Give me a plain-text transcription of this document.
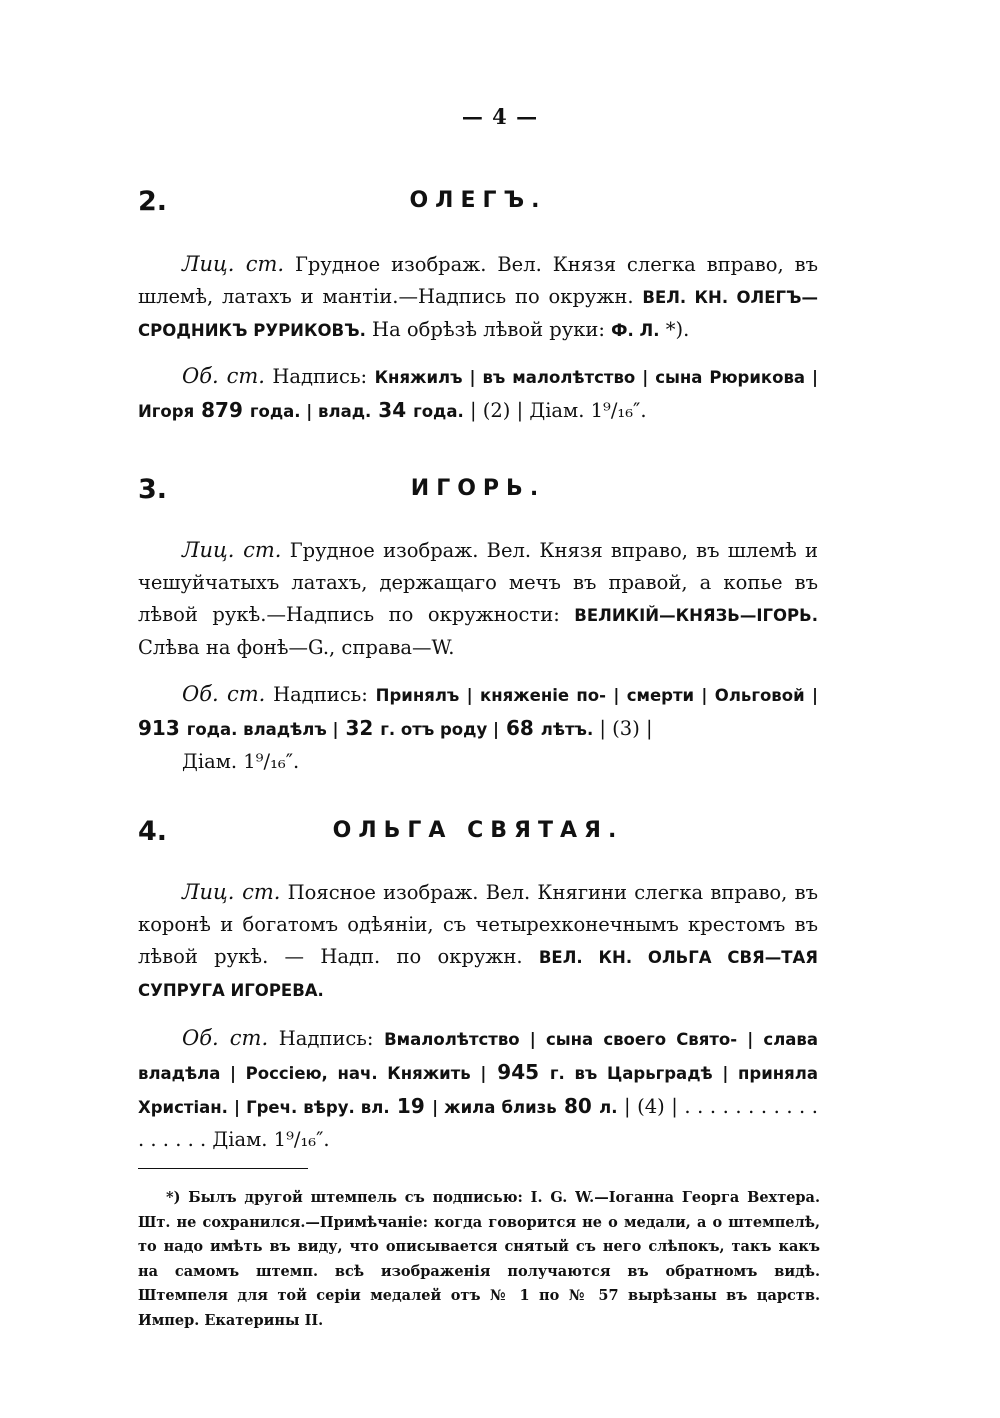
— 4 —
2.	ОЛЕГЪ.
Лиц. ст. Грудное изображ. Вел. Князя слегка вправо, въ шлемѣ, латахъ и мантіи.—Надпись по окружн. ВЕЛ. КН. ОЛЕГЪ—СРОДНИКЪ РУРИКОВЪ. На обрѣзѣ лѣвой руки: Ф. Л. *).
Об. ст. Надпись: Княжилъ | въ малолѣтство | сына Рюрикова | Игоря 879 года. | влад. 34 года. | (2) | Діам. 1⁹/₁₆″.
3.	ИГОРЬ.
Лиц. ст. Грудное изображ. Вел. Князя вправо, въ шлемѣ и чешуйчатыхъ латахъ, держащаго мечъ въ правой, а копье въ лѣвой рукѣ.—Надпись по окружности: ВЕЛИКІЙ—КНЯЗЬ—ІГОРЬ. Слѣва на фонѣ—G., справа—W.
Об. ст. Надпись: Принялъ | княженіе по- | смерти | Ольговой | 913 года. владѣлъ | 32 г. отъ роду | 68 лѣтъ. | (3) |
Діам. 1⁹/₁₆″.
4.	ОЛЬГА СВЯТАЯ.
Лиц. ст. Поясное изображ. Вел. Княгини слегка вправо, въ коронѣ и богатомъ одѣяніи, съ четырехконечнымъ крестомъ въ лѣвой рукѣ. — Надп. по окружн. ВЕЛ. КН. ОЛЬГА СВЯ—ТАЯ СУПРУГА ИГОРЕВА.
Об. ст. Надпись: Вмалолѣтство | сына своего Свято- | слава владѣла | Россіею, нач. Княжить | 945 г. въ Царьградѣ | приняла Христіан. | Греч. вѣру. вл. 19 | жила близь 80 л. | (4) | . . . . . . . . . . . . . . . . . Діам. 1⁹/₁₆″.
*) Былъ другой штемпель съ подписью: I. G. W.—Іоганна Георга Вехтера. Шт. не сохранился.—Примѣчаніе: когда говорится не о медали, а о штемпелѣ, то надо имѣть въ виду, что описывается снятый съ него слѣпокъ, такъ какъ на самомъ штемп. всѣ изображенія получаются въ обратномъ видѣ. Штемпеля для той серіи медалей отъ № 1 по № 57 вырѣзаны въ царств. Импер. Екатерины II.
